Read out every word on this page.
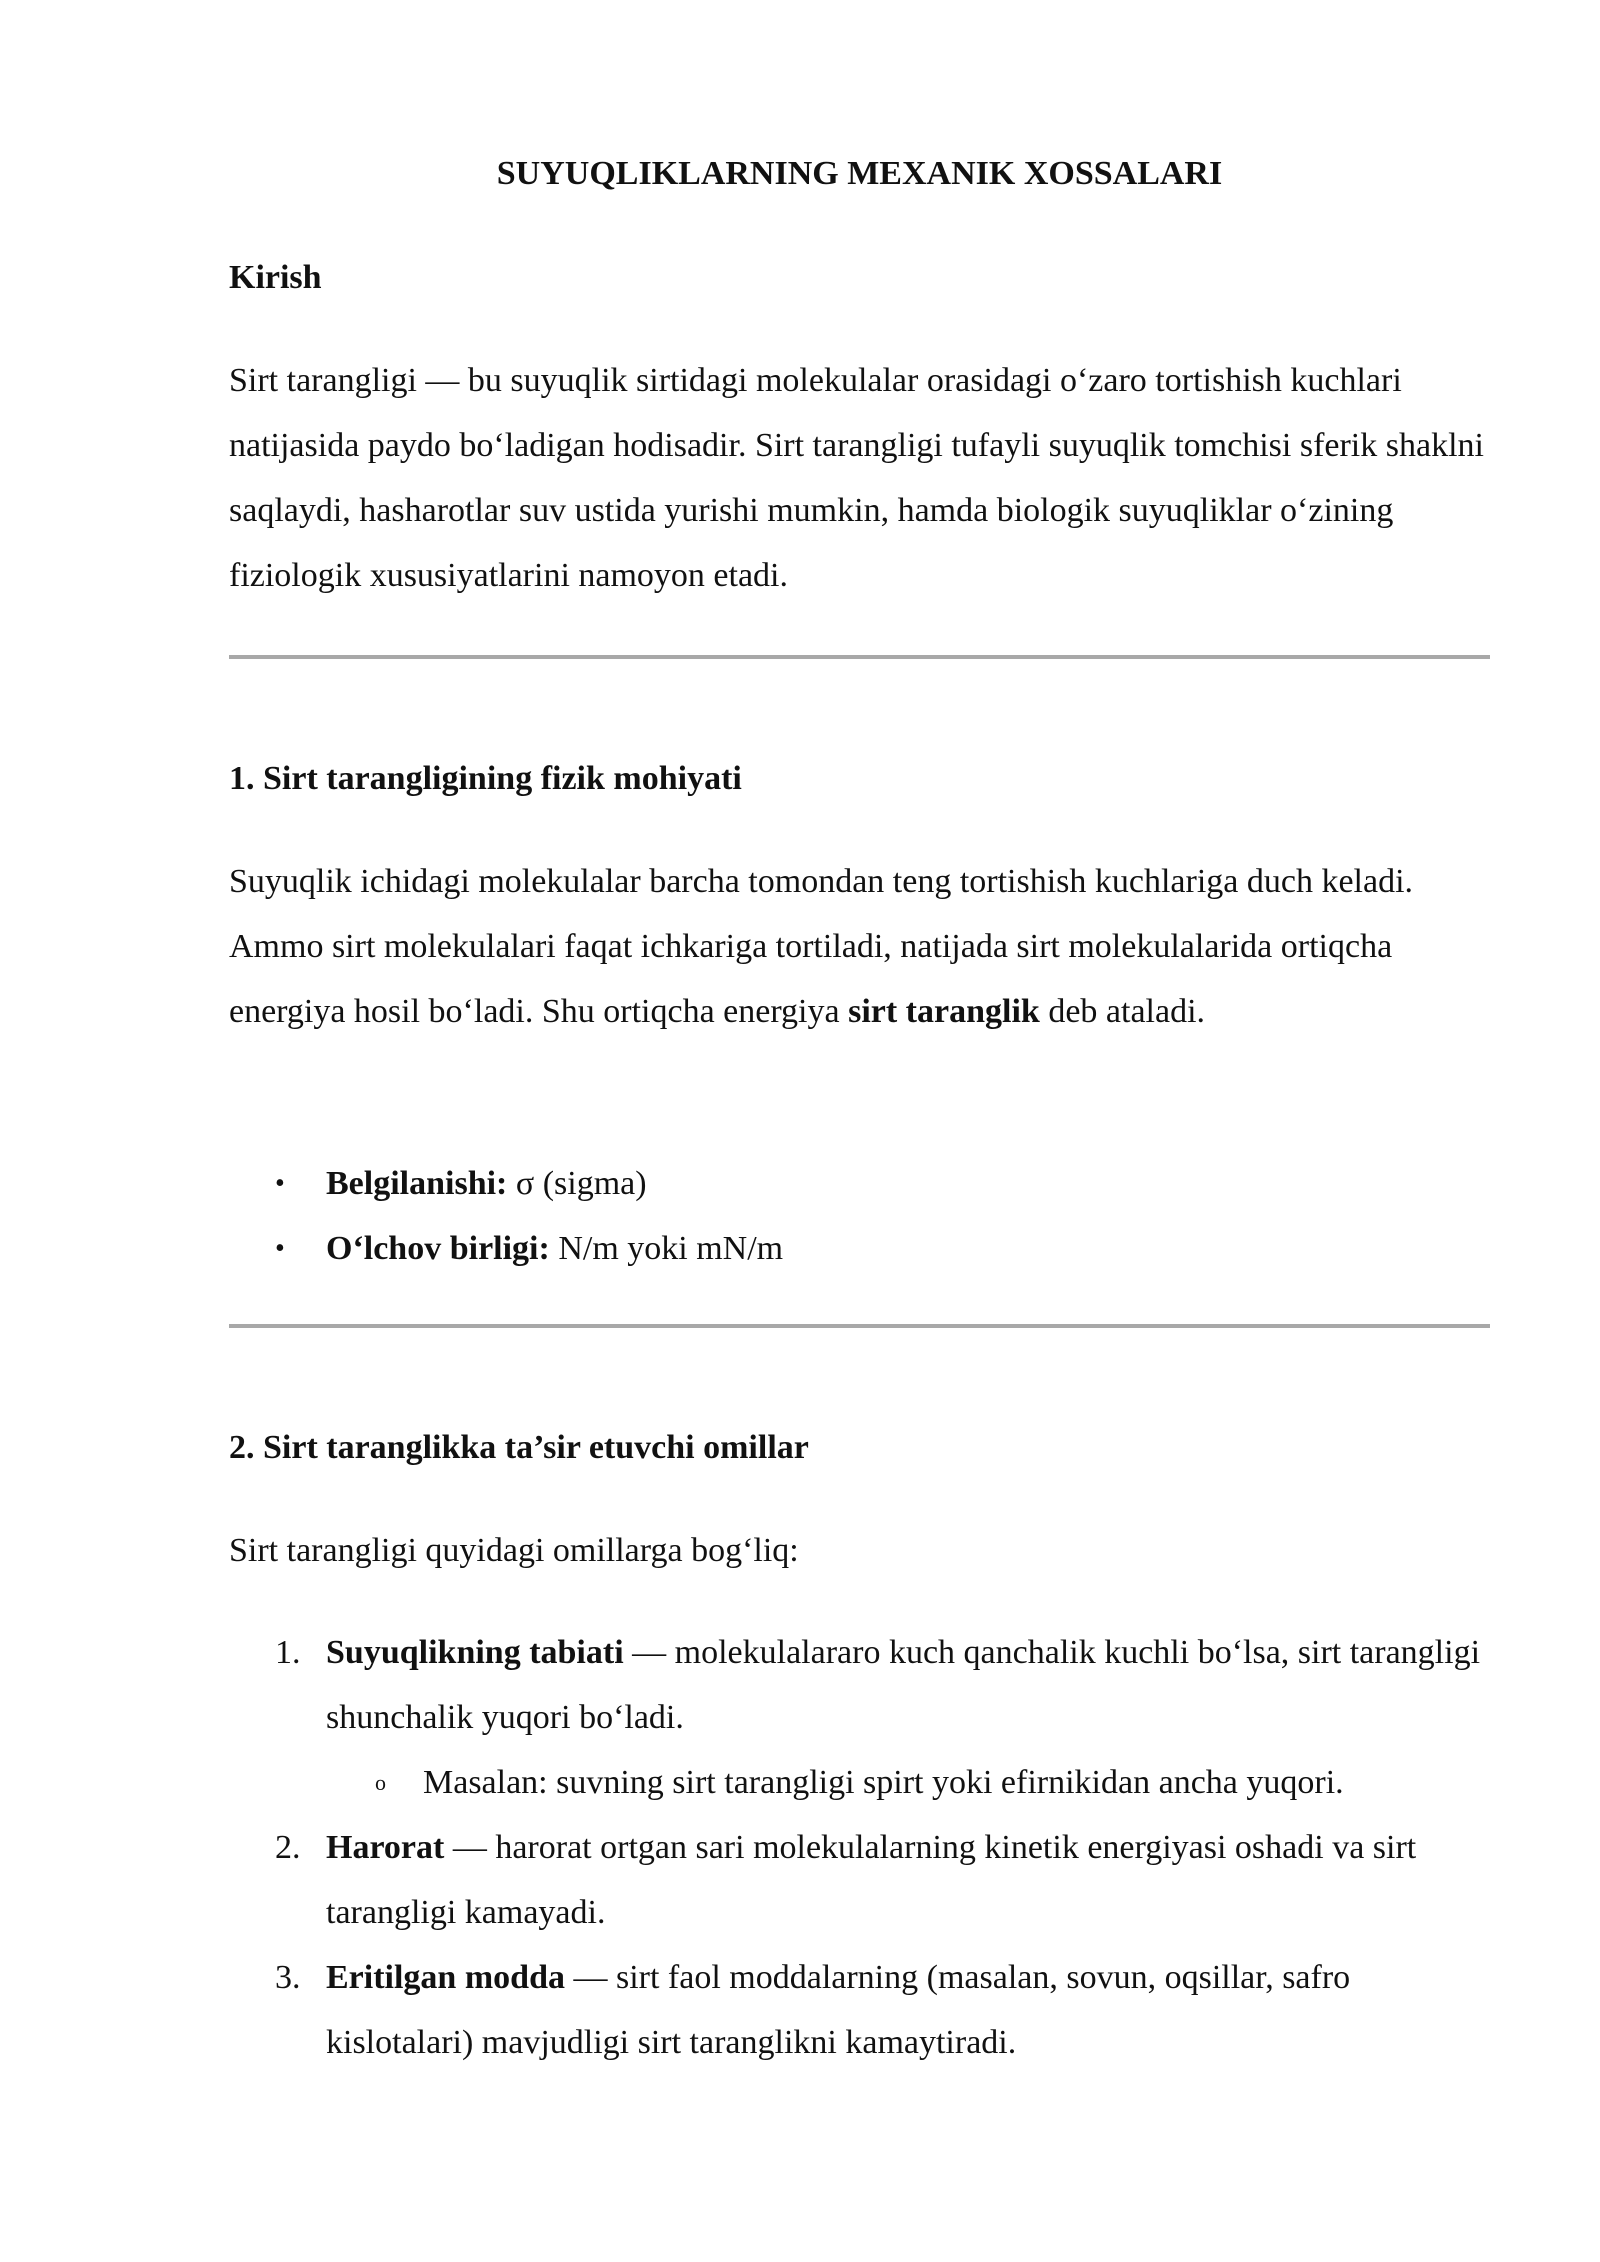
SUYUQLIKLARNING MEXANIK XOSSALARI
Kirish

Sirt tarangligi — bu suyuqlik sirtidagi molekulalar orasidagi o‘zaro tortishish kuchlari natijasida paydo bo‘ladigan hodisadir. Sirt tarangligi tufayli suyuqlik tomchisi sferik shaklni saqlaydi, hasharotlar suv ustida yurishi mumkin, hamda biologik suyuqliklar o‘zining fiziologik xususiyatlarini namoyon etadi.

1. Sirt tarangligining fizik mohiyati

Suyuqlik ichidagi molekulalar barcha tomondan teng tortishish kuchlariga duch keladi. Ammo sirt molekulalari faqat ichkariga tortiladi, natijada sirt molekulalarida ortiqcha energiya hosil bo‘ladi. Shu ortiqcha energiya sirt taranglik deb ataladi.

• Belgilanishi: σ (sigma)
• O‘lchov birligi: N/m yoki mN/m
2. Sirt taranglikka ta’sir etuvchi omillar

Sirt tarangligi quyidagi omillarga bog‘liq:

1. Suyuqlikning tabiati — molekulalararo kuch qanchalik kuchli bo‘lsa, sirt tarangligi shunchalik yuqori bo‘ladi.
o Masalan: suvning sirt tarangligi spirt yoki efirnikidan ancha yuqori.
2. Harorat — harorat ortgan sari molekulalarning kinetik energiyasi oshadi va sirt tarangligi kamayadi.
3. Eritilgan modda — sirt faol moddalarning (masalan, sovun, oqsillar, safro kislotalari) mavjudligi sirt taranglikni kamaytiradi.
